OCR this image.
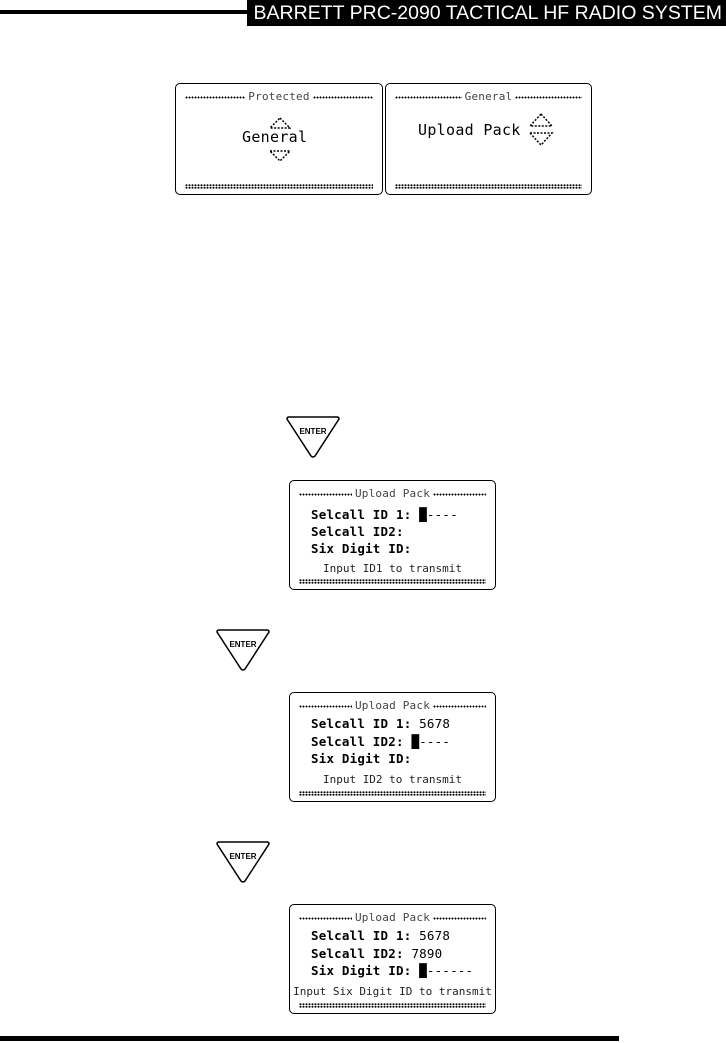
BARRETT PRC-2090 TACTICAL HF RADIO SYSTEM
Protected
General
General
Upload Pack
ENTER
Upload Pack
Selcall ID 1: █----
Selcall ID2:
Six Digit ID:
Input ID1 to transmit
ENTER
Upload Pack
Selcall ID 1: 5678
Selcall ID2: █----
Six Digit ID:
Input ID2 to transmit
ENTER
Upload Pack
Selcall ID 1: 5678
Selcall ID2: 7890
Six Digit ID: █------
Input Six Digit ID to transmit
